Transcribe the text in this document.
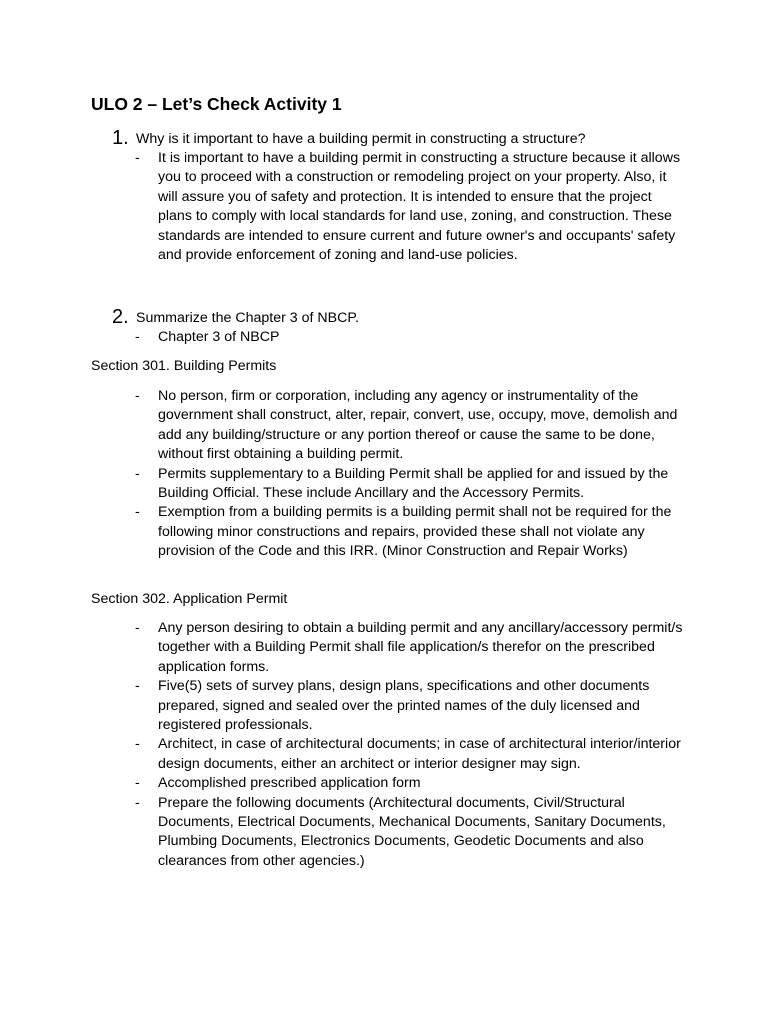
ULO 2 – Let’s Check Activity 1
1. Why is it important to have a building permit in constructing a structure?
- It is important to have a building permit in constructing a structure because it allows you to proceed with a construction or remodeling project on your property. Also, it will assure you of safety and protection. It is intended to ensure that the project plans to comply with local standards for land use, zoning, and construction. These standards are intended to ensure current and future owner's and occupants' safety and provide enforcement of zoning and land-use policies.
2. Summarize the Chapter 3 of NBCP.
- Chapter 3 of NBCP
Section 301. Building Permits
- No person, firm or corporation, including any agency or instrumentality of the government shall construct, alter, repair, convert, use, occupy, move, demolish and add any building/structure or any portion thereof or cause the same to be done, without first obtaining a building permit.
- Permits supplementary to a Building Permit shall be applied for and issued by the Building Official. These include Ancillary and the Accessory Permits.
- Exemption from a building permits is a building permit shall not be required for the following minor constructions and repairs, provided these shall not violate any provision of the Code and this IRR. (Minor Construction and Repair Works)
Section 302. Application Permit
- Any person desiring to obtain a building permit and any ancillary/accessory permit/s together with a Building Permit shall file application/s therefor on the prescribed application forms.
- Five(5) sets of survey plans, design plans, specifications and other documents prepared, signed and sealed over the printed names of the duly licensed and registered professionals.
- Architect, in case of architectural documents; in case of architectural interior/interior design documents, either an architect or interior designer may sign.
- Accomplished prescribed application form
- Prepare the following documents (Architectural documents, Civil/Structural Documents, Electrical Documents, Mechanical Documents, Sanitary Documents, Plumbing Documents, Electronics Documents, Geodetic Documents and also clearances from other agencies.)
